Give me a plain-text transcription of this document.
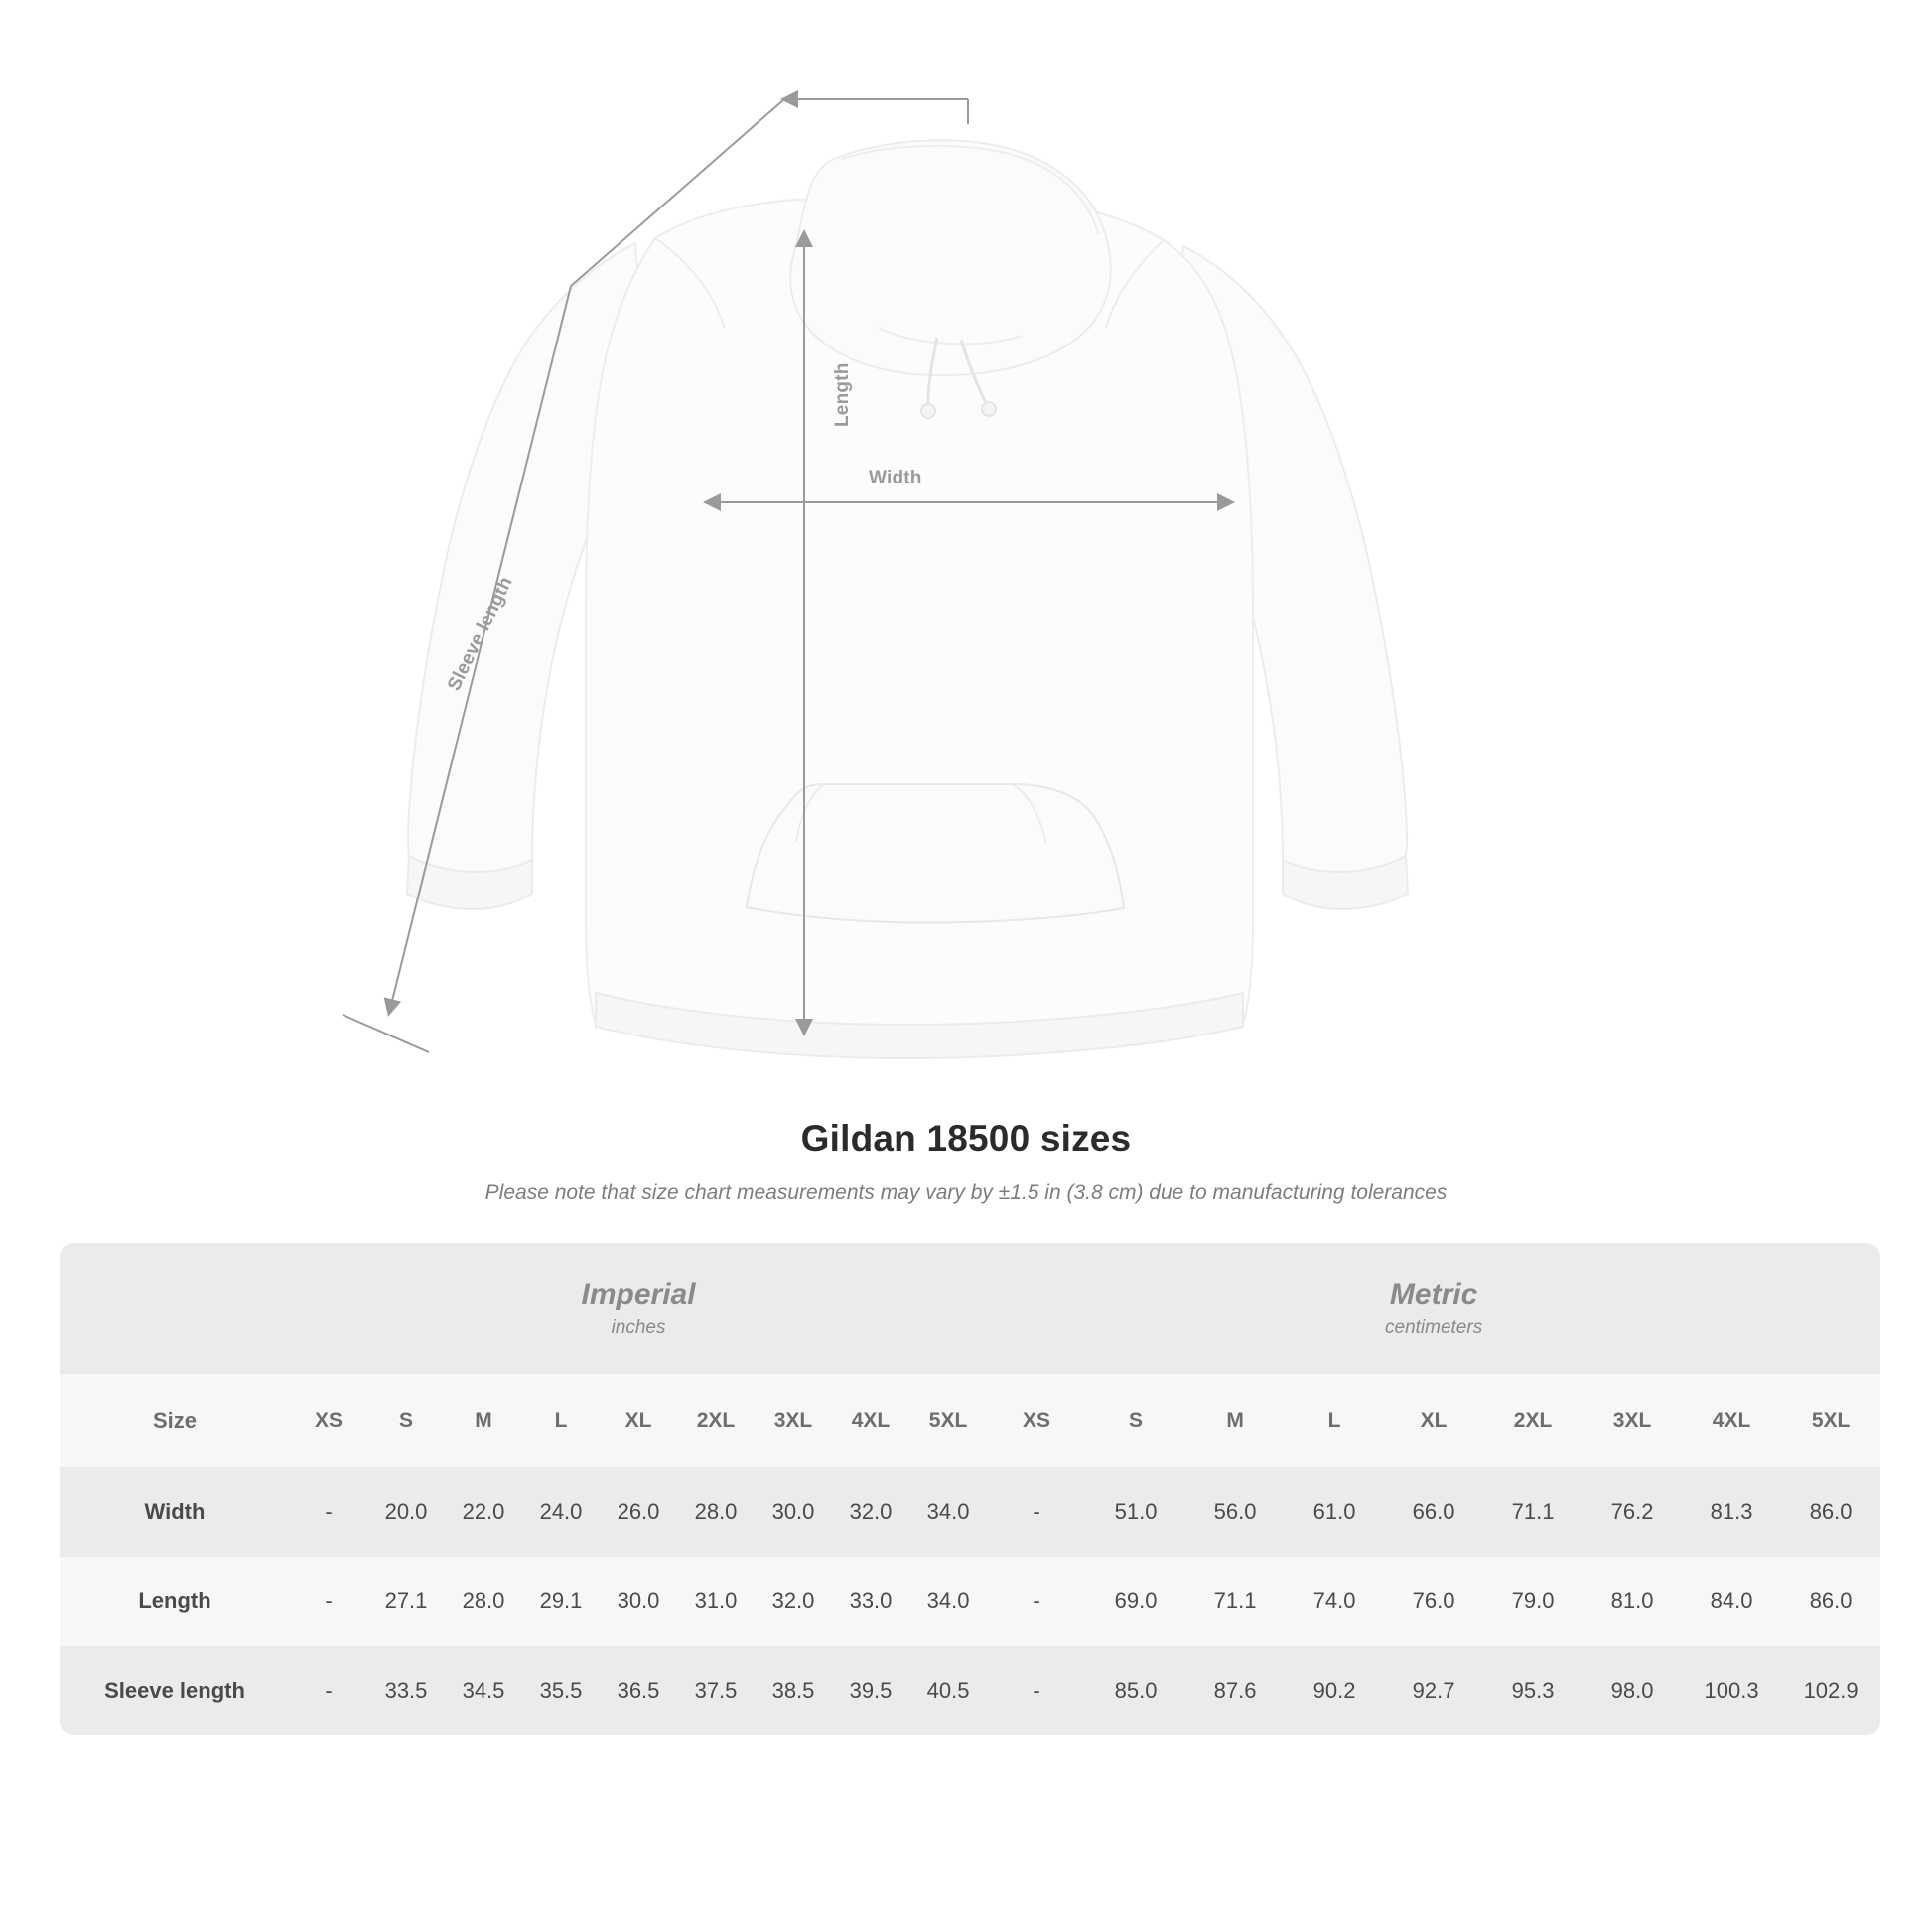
Length
Width
Sleeve length
Gildan 18500 sizes
Please note that size chart measurements may vary by ±1.5 in (3.8 cm) due to manufacturing tolerances

Imperial
inches

Metric
centimeters

Size	XS	S	M	L	XL	2XL	3XL	4XL	5XL	XS	S	M	L	XL	2XL	3XL	4XL	5XL
Width	-	20.0	22.0	24.0	26.0	28.0	30.0	32.0	34.0	-	51.0	56.0	61.0	66.0	71.1	76.2	81.3	86.0
Length	-	27.1	28.0	29.1	30.0	31.0	32.0	33.0	34.0	-	69.0	71.1	74.0	76.0	79.0	81.0	84.0	86.0
Sleeve length	-	33.5	34.5	35.5	36.5	37.5	38.5	39.5	40.5	-	85.0	87.6	90.2	92.7	95.3	98.0	100.3	102.9
